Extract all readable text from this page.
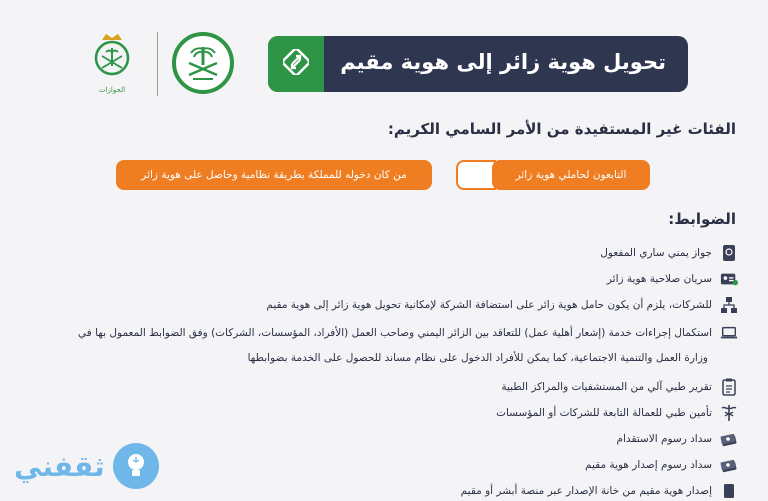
تحويل هوية زائر إلى هوية مقيم
الجوازات
الفئات غير المستفيدة من الأمر السامي الكريم:
التابعون لحاملي هوية زائر
من كان دخوله للمملكة بطريقة نظامية وحاصل على هوية زائر
الضوابط:
جواز يمني ساري المفعول
سريان صلاحية هوية زائر
للشركات، يلزم أن يكون حامل هوية زائر على استضافة الشركة لإمكانية تحويل هوية زائر إلى هوية مقيم
استكمال إجراءات خدمة (إشعار أهلية عمل) للتعاقد بين الزائر اليمني وصاحب العمل (الأفراد، المؤسسات، الشركات) وفق الضوابط المعمول بها في
وزارة العمل والتنمية الاجتماعية، كما يمكن للأفراد الدخول على نظام مساند للحصول على الخدمة بضوابطها
تقرير طبي آلي من المستشفيات والمراكز الطبية
تأمين طبي للعمالة التابعة للشركات أو المؤسسات
سداد رسوم الاستقدام
سداد رسوم إصدار هوية مقيم
إصدار هوية مقيم من خانة الإصدار عبر منصة أبشر أو مقيم
ثقفني
